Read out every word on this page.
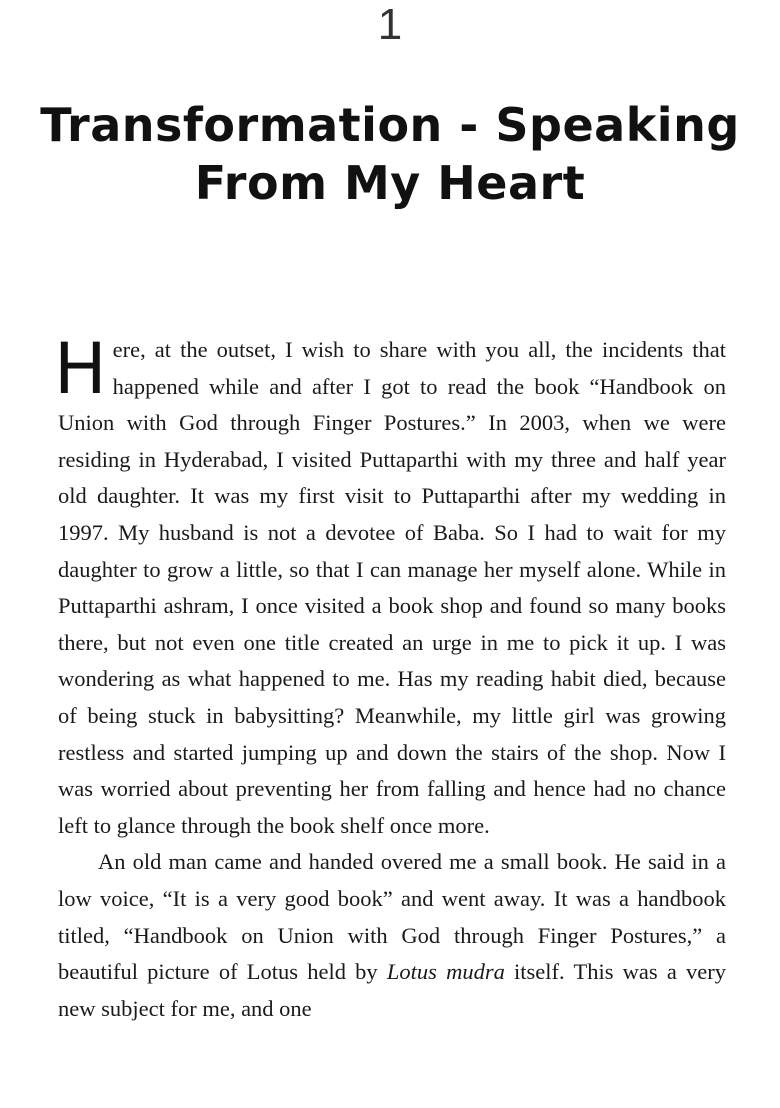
1
Transformation - Speaking From My Heart

Here, at the outset, I wish to share with you all, the incidents that happened while and after I got to read the book “Handbook on Union with God through Finger Postures.” In 2003, when we were residing in Hyderabad, I visited Puttaparthi with my three and half year old daughter. It was my first visit to Puttaparthi after my wedding in 1997. My husband is not a devotee of Baba. So I had to wait for my daughter to grow a little, so that I can manage her myself alone. While in Puttaparthi ashram, I once visited a book shop and found so many books there, but not even one title created an urge in me to pick it up. I was wondering as what happened to me. Has my reading habit died, because of being stuck in babysitting? Meanwhile, my little girl was growing restless and started jumping up and down the stairs of the shop. Now I was worried about preventing her from falling and hence had no chance left to glance through the book shelf once more.

An old man came and handed overed me a small book. He said in a low voice, “It is a very good book” and went away. It was a handbook titled, “Handbook on Union with God through Finger Postures,” a beautiful picture of Lotus held by Lotus mudra itself. This was a very new subject for me, and one
